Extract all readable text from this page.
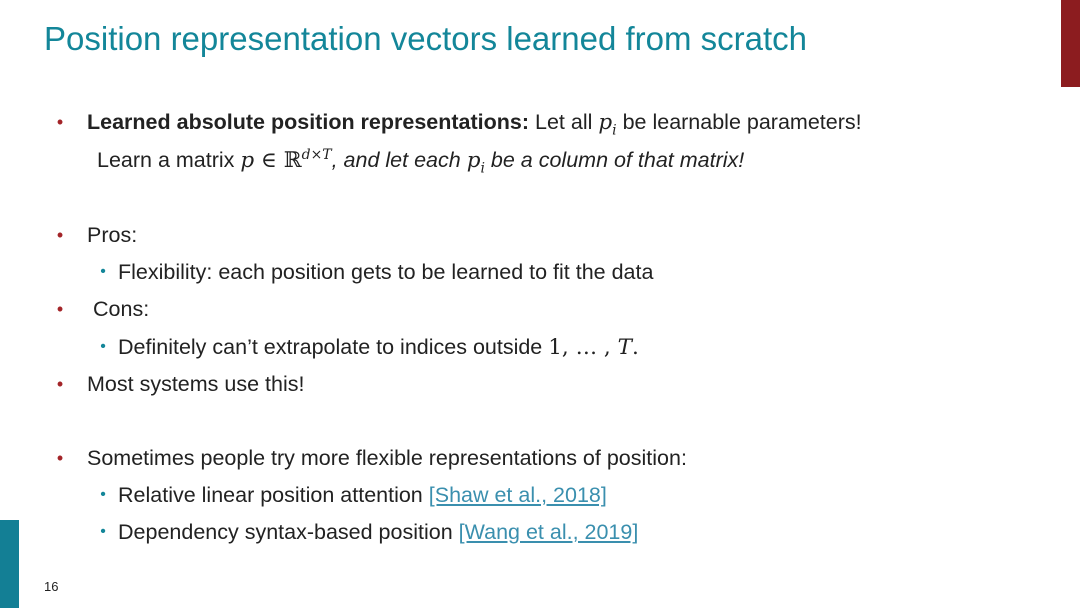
Position representation vectors learned from scratch
• Learned absolute position representations: Let all $p_i$ be learnable parameters!
Learn a matrix p ∈ ℝ$^{d\times T}$, and let each $p_i$ be a column of that matrix!
• Pros:
• Flexibility: each position gets to be learned to fit the data
• Cons:
• Definitely can’t extrapolate to indices outside 1, … , T.
• Most systems use this!
• Sometimes people try more flexible representations of position:
• Relative linear position attention [Shaw et al., 2018]
• Dependency syntax-based position [Wang et al., 2019]
16
